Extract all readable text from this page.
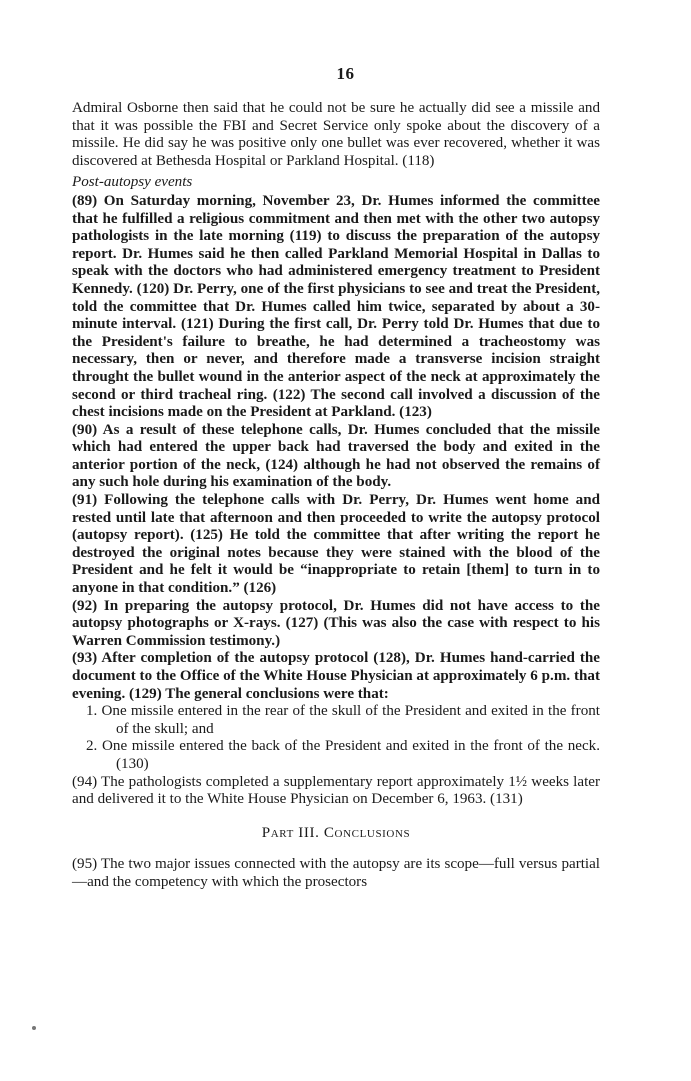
16

Admiral Osborne then said that he could not be sure he actually did see a missile and that it was possible the FBI and Secret Service only spoke about the discovery of a missile. He did say he was positive only one bullet was ever recovered, whether it was discovered at Bethesda Hospital or Parkland Hospital. (118)

Post-autopsy events

(89) On Saturday morning, November 23, Dr. Humes informed the committee that he fulfilled a religious commitment and then met with the other two autopsy pathologists in the late morning (119) to discuss the preparation of the autopsy report. Dr. Humes said he then called Parkland Memorial Hospital in Dallas to speak with the doctors who had administered emergency treatment to President Kennedy. (120) Dr. Perry, one of the first physicians to see and treat the President, told the committee that Dr. Humes called him twice, separated by about a 30-minute interval. (121) During the first call, Dr. Perry told Dr. Humes that due to the President's failure to breathe, he had determined a tracheostomy was necessary, then or never, and therefore made a transverse incision straight throught the bullet wound in the anterior aspect of the neck at approximately the second or third tracheal ring. (122) The second call involved a discussion of the chest incisions made on the President at Parkland. (123)

(90) As a result of these telephone calls, Dr. Humes concluded that the missile which had entered the upper back had traversed the body and exited in the anterior portion of the neck, (124) although he had not observed the remains of any such hole during his examination of the body.

(91) Following the telephone calls with Dr. Perry, Dr. Humes went home and rested until late that afternoon and then proceeded to write the autopsy protocol (autopsy report). (125) He told the committee that after writing the report he destroyed the original notes because they were stained with the blood of the President and he felt it would be “inappropriate to retain [them] to turn in to anyone in that condition.” (126)

(92) In preparing the autopsy protocol, Dr. Humes did not have access to the autopsy photographs or X-rays. (127) (This was also the case with respect to his Warren Commission testimony.)

(93) After completion of the autopsy protocol (128), Dr. Humes hand-carried the document to the Office of the White House Physician at approximately 6 p.m. that evening. (129) The general conclusions were that:

1. One missile entered in the rear of the skull of the President and exited in the front of the skull; and
2. One missile entered the back of the President and exited in the front of the neck. (130)

(94) The pathologists completed a supplementary report approximately 1½ weeks later and delivered it to the White House Physician on December 6, 1963. (131)

Part III. Conclusions

(95) The two major issues connected with the autopsy are its scope—full versus partial—and the competency with which the prosectors
